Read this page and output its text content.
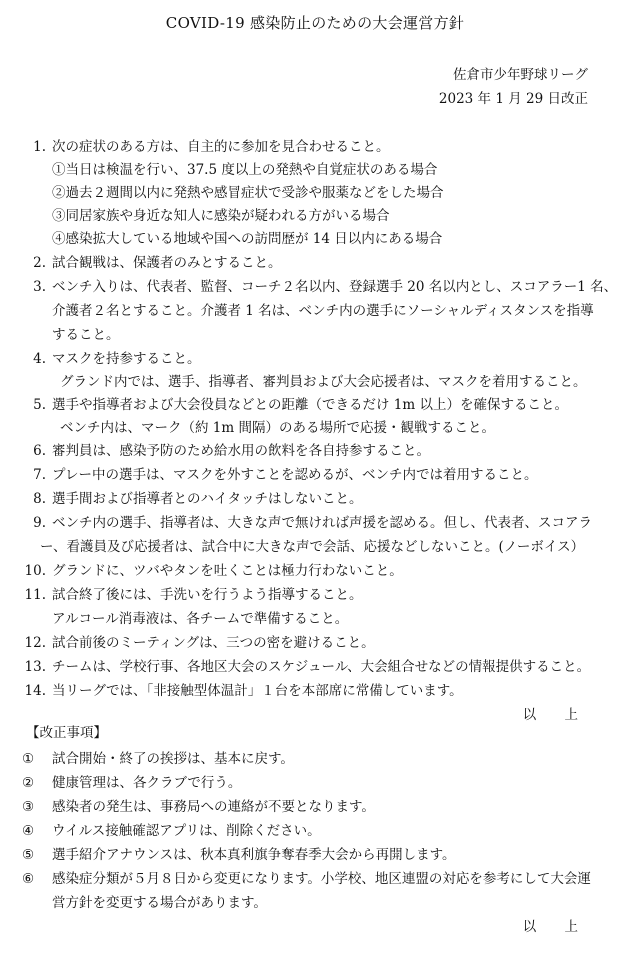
COVID-19 感染防止のための大会運営方針
佐倉市少年野球リーグ
2023 年 1 月 29 日改正
1. 次の症状のある方は、自主的に参加を見合わせること。
①当日は検温を行い、37.5 度以上の発熱や自覚症状のある場合
②過去２週間以内に発熱や感冒症状で受診や服薬などをした場合
③同居家族や身近な知人に感染が疑われる方がいる場合
④感染拡大している地域や国への訪問歴が 14 日以内にある場合
2. 試合観戦は、保護者のみとすること。
3. ベンチ入りは、代表者、監督、コーチ２名以内、登録選手 20 名以内とし、スコアラー1 名、
介護者２名とすること。介護者 1 名は、ベンチ内の選手にソーシャルディスタンスを指導
すること。
4. マスクを持参すること。
グランド内では、選手、指導者、審判員および大会応援者は、マスクを着用すること。
5. 選手や指導者および大会役員などとの距離（できるだけ 1m 以上）を確保すること。
ベンチ内は、マーク（約 1m 間隔）のある場所で応援・観戦すること。
6. 審判員は、感染予防のため給水用の飲料を各自持参すること。
7. プレー中の選手は、マスクを外すことを認めるが、ベンチ内では着用すること。
8. 選手間および指導者とのハイタッチはしないこと。
9. ベンチ内の選手、指導者は、大きな声で無ければ声援を認める。但し、代表者、スコアラ
ー、看護員及び応援者は、試合中に大きな声で会話、応援などしないこと。(ノーボイス）
10. グランドに、ツバやタンを吐くことは極力行わないこと。
11. 試合終了後には、手洗いを行うよう指導すること。
アルコール消毒液は、各チームで準備すること。
12. 試合前後のミーティングは、三つの密を避けること。
13. チームは、学校行事、各地区大会のスケジュール、大会組合せなどの情報提供すること。
14. 当リーグでは、「非接触型体温計」１台を本部席に常備しています。
以 上
【改正事項】
① 試合開始・終了の挨拶は、基本に戻す。
② 健康管理は、各クラブで行う。
③ 感染者の発生は、事務局への連絡が不要となります。
④ ウイルス接触確認アプリは、削除ください。
⑤ 選手紹介アナウンスは、秋本真利旗争奪春季大会から再開します。
⑥ 感染症分類が５月８日から変更になります。小学校、地区連盟の対応を参考にして大会運
営方針を変更する場合があります。
以 上
